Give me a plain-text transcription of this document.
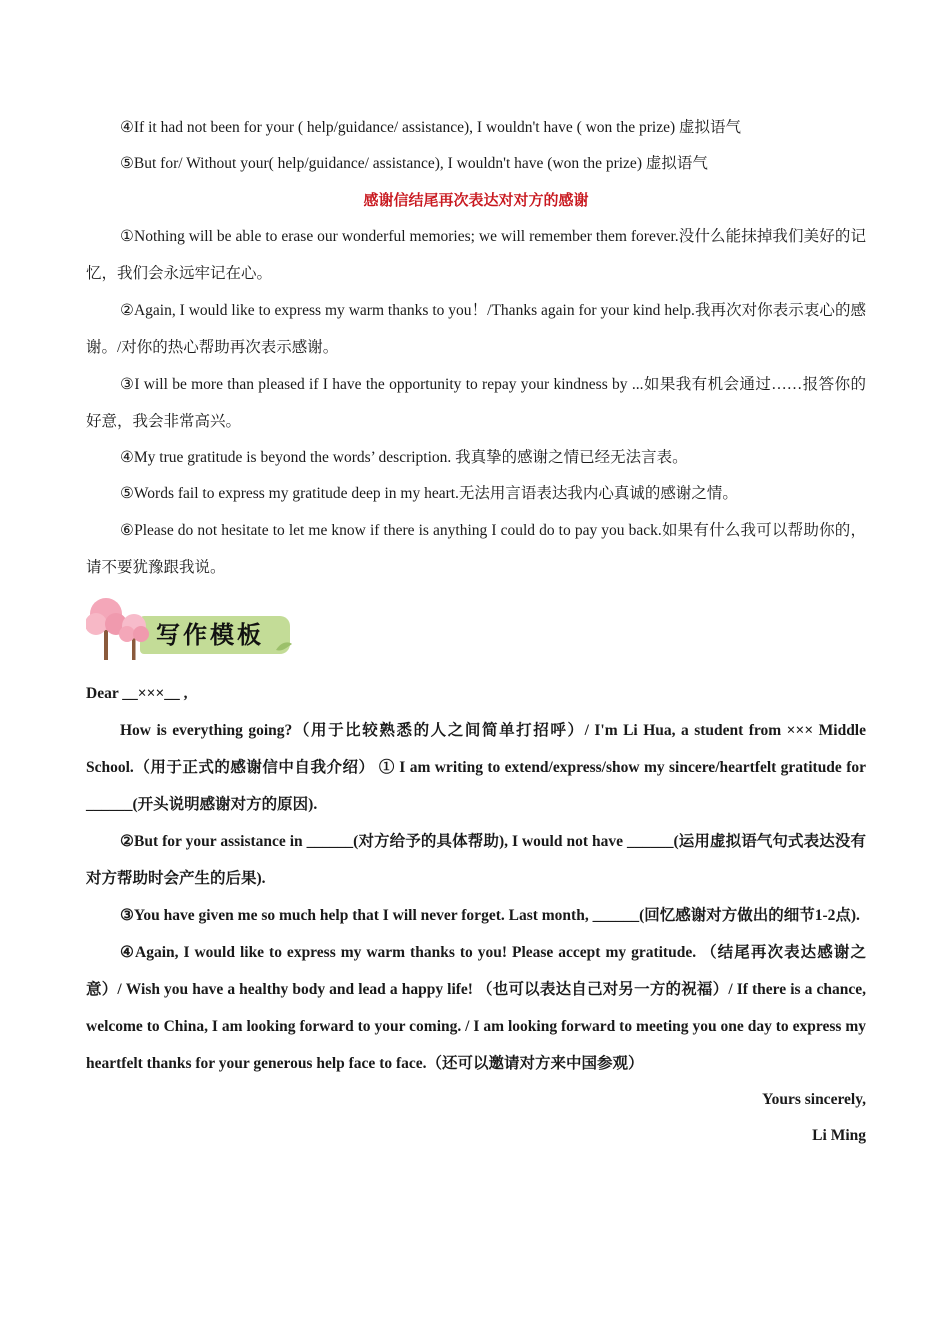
④If it had not been for your ( help/guidance/ assistance), I wouldn't have ( won the prize) 虚拟语气

⑤But for/ Without your( help/guidance/ assistance), I wouldn't have (won the prize) 虚拟语气

感谢信结尾再次表达对对方的感谢

①Nothing will be able to erase our wonderful memories; we will remember them forever.没什么能抹掉我们美好的记忆，我们会永远牢记在心。

②Again, I would like to express my warm thanks to you！/Thanks again for your kind help.我再次对你表示衷心的感谢。/对你的热心帮助再次表示感谢。

③I will be more than pleased if I have the opportunity to repay your kindness by ...如果我有机会通过……报答你的好意，我会非常高兴。

④My true gratitude is beyond the words’ description. 我真挚的感谢之情已经无法言表。

⑤Words fail to express my gratitude deep in my heart.无法用言语表达我内心真诚的感谢之情。

⑥Please do not hesitate to let me know if there is anything I could do to pay you back.如果有什么我可以帮助你的，请不要犹豫跟我说。

写作模板

Dear __×××__ ,

How is everything going?（用于比较熟悉的人之间简单打招呼）/ I'm Li Hua, a student from ××× Middle School.（用于正式的感谢信中自我介绍） ① I am writing to extend/express/show my sincere/heartfelt gratitude for ______(开头说明感谢对方的原因).

②But for your assistance in ______(对方给予的具体帮助), I would not have ______(运用虚拟语气句式表达没有对方帮助时会产生的后果).

③You have given me so much help that I will never forget. Last month, ______(回忆感谢对方做出的细节1-2点).

④Again, I would like to express my warm thanks to you! Please accept my gratitude. （结尾再次表达感谢之意）/ Wish you have a healthy body and lead a happy life! （也可以表达自己对另一方的祝福）/ If there is a chance, welcome to China, I am looking forward to your coming. / I am looking forward to meeting you one day to express my heartfelt thanks for your generous help face to face.（还可以邀请对方来中国参观）

Yours sincerely,

Li Ming
